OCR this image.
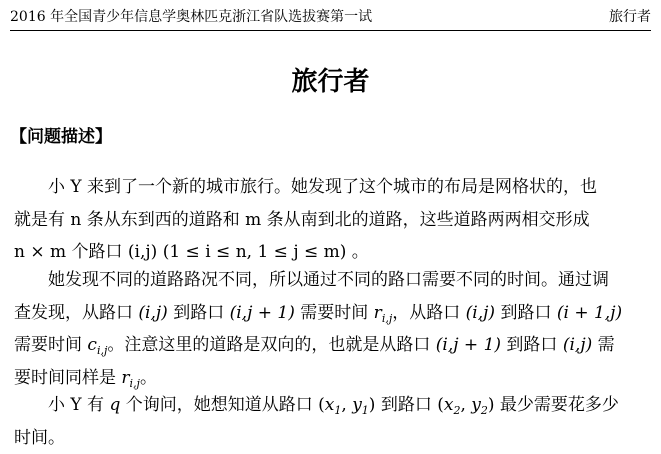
2016 年全国青少年信息学奥林匹克浙江省队选拔赛第一试	旅行者
旅行者
【问题描述】
小 Y 来到了一个新的城市旅行。她发现了这个城市的布局是网格状的，也
就是有 n 条从东到西的道路和 m 条从南到北的道路，这些道路两两相交形成
n × m 个路口 (i,j) (1 ≤ i ≤ n, 1 ≤ j ≤ m) 。
她发现不同的道路路况不同，所以通过不同的路口需要不同的时间。通过调
查发现，从路口 (i,j) 到路口 (i,j + 1) 需要时间 $r_{i,j}$，从路口 (i,j) 到路口 (i + 1,j)
需要时间 $c_{i,j}$。注意这里的道路是双向的，也就是从路口 (i,j + 1) 到路口 (i,j) 需
要时间同样是 $r_{i,j}$。
小 Y 有 q 个询问，她想知道从路口 ($x_1$, $y_1$) 到路口 ($x_2$, $y_2$) 最少需要花多少
时间。
